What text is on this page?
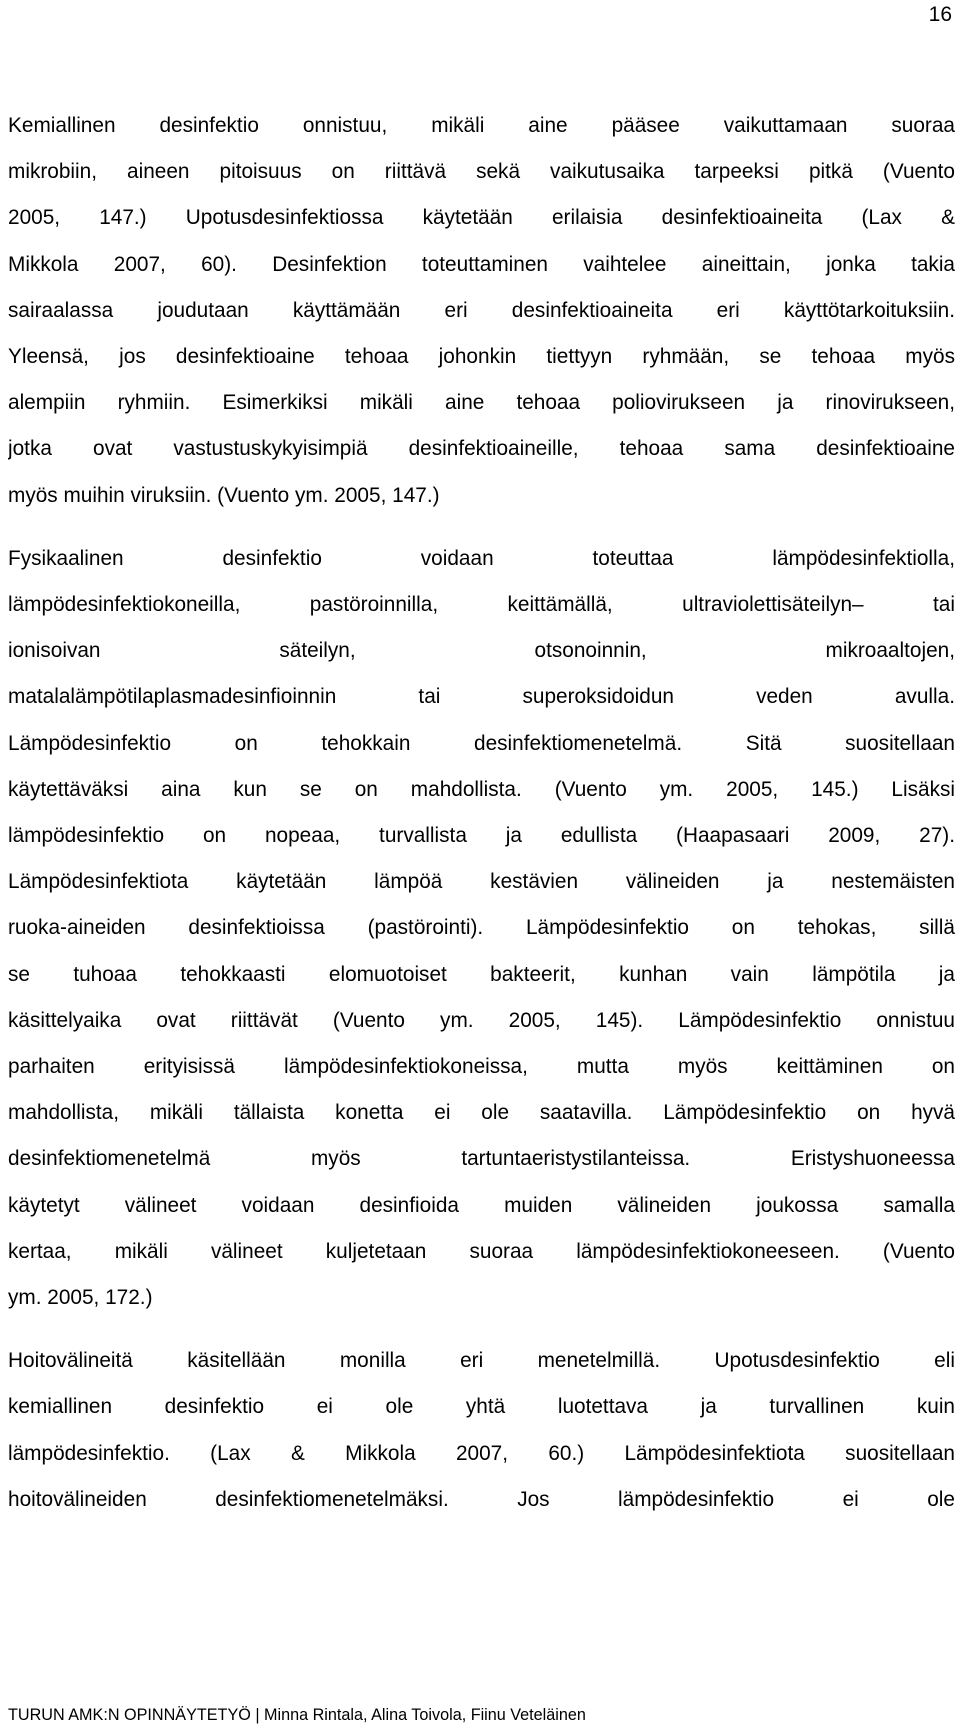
16

Kemiallinen desinfektio onnistuu, mikäli aine pääsee vaikuttamaan suoraa
mikrobiin, aineen pitoisuus on riittävä sekä vaikutusaika tarpeeksi pitkä (Vuento
2005, 147.) Upotusdesinfektiossa käytetään erilaisia desinfektioaineita (Lax &
Mikkola 2007, 60). Desinfektion toteuttaminen vaihtelee aineittain, jonka takia
sairaalassa joudutaan käyttämään eri desinfektioaineita eri käyttötarkoituksiin.
Yleensä, jos desinfektioaine tehoaa johonkin tiettyyn ryhmään, se tehoaa myös
alempiin ryhmiin. Esimerkiksi mikäli aine tehoaa poliovirukseen ja rinovirukseen,
jotka ovat vastustuskykyisimpiä desinfektioaineille, tehoaa sama desinfektioaine
myös muihin viruksiin. (Vuento ym. 2005, 147.)

Fysikaalinen desinfektio voidaan toteuttaa lämpödesinfektiolla,
lämpödesinfektiokoneilla, pastöroinnilla, keittämällä, ultraviolettisäteilyn– tai
ionisoivan säteilyn, otsonoinnin, mikroaaltojen,
matalalämpötilaplasmadesinfioinnin tai superoksidoidun veden avulla.
Lämpödesinfektio on tehokkain desinfektiomenetelmä. Sitä suositellaan
käytettäväksi aina kun se on mahdollista. (Vuento ym. 2005, 145.) Lisäksi
lämpödesinfektio on nopeaa, turvallista ja edullista (Haapasaari 2009, 27).
Lämpödesinfektiota käytetään lämpöä kestävien välineiden ja nestemäisten
ruoka-aineiden desinfektioissa (pastörointi). Lämpödesinfektio on tehokas, sillä
se tuhoaa tehokkaasti elomuotoiset bakteerit, kunhan vain lämpötila ja
käsittelyaika ovat riittävät (Vuento ym. 2005, 145). Lämpödesinfektio onnistuu
parhaiten erityisissä lämpödesinfektiokoneissa, mutta myös keittäminen on
mahdollista, mikäli tällaista konetta ei ole saatavilla. Lämpödesinfektio on hyvä
desinfektiomenetelmä myös tartuntaeristystilanteissa. Eristyshuoneessa
käytetyt välineet voidaan desinfioida muiden välineiden joukossa samalla
kertaa, mikäli välineet kuljetetaan suoraa lämpödesinfektiokoneeseen. (Vuento
ym. 2005, 172.)

Hoitovälineitä käsitellään monilla eri menetelmillä. Upotusdesinfektio eli
kemiallinen desinfektio ei ole yhtä luotettava ja turvallinen kuin
lämpödesinfektio. (Lax & Mikkola 2007, 60.) Lämpödesinfektiota suositellaan
hoitovälineiden desinfektiomenetelmäksi. Jos lämpödesinfektio ei ole

TURUN AMK:N OPINNÄYTETYÖ | Minna Rintala, Alina Toivola, Fiinu Veteläinen
